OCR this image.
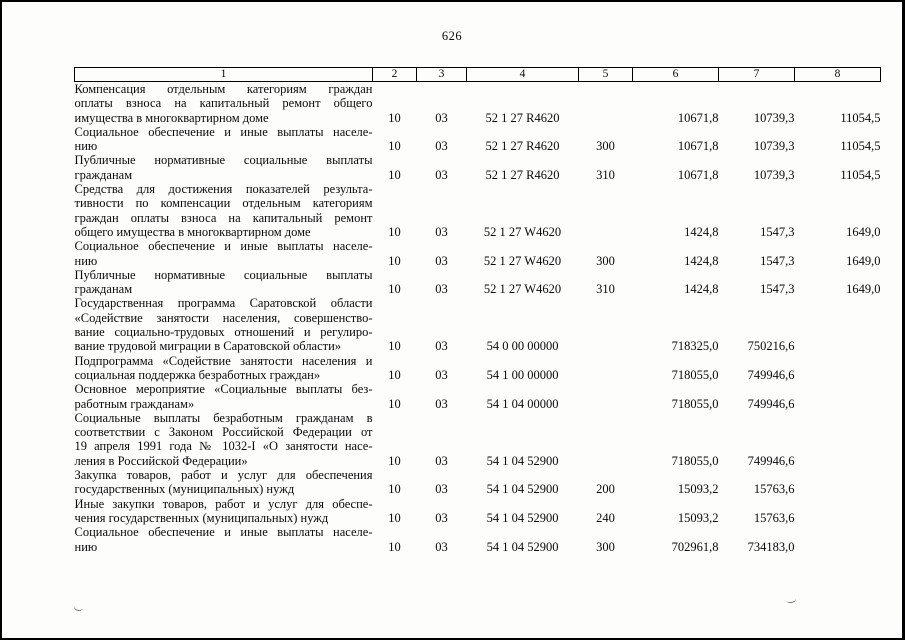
626
1	2	3	4	5	6	7	8

Компенсация отдельным категориям граждан
оплаты взноса на капитальный ремонт общего
имущества в многоквартирном доме	10	03	52 1 27 R4620		10671,8	10739,3	11054,5

Социальное обеспечение и иные выплаты населе-
нию	10	03	52 1 27 R4620	300	10671,8	10739,3	11054,5

Публичные нормативные социальные выплаты
гражданам	10	03	52 1 27 R4620	310	10671,8	10739,3	11054,5

Средства для достижения показателей результа-
тивности по компенсации отдельным категориям
граждан оплаты взноса на капитальный ремонт
общего имущества в многоквартирном доме	10	03	52 1 27 W4620		1424,8	1547,3	1649,0

Социальное обеспечение и иные выплаты населе-
нию	10	03	52 1 27 W4620	300	1424,8	1547,3	1649,0

Публичные нормативные социальные выплаты
гражданам	10	03	52 1 27 W4620	310	1424,8	1547,3	1649,0

Государственная программа Саратовской области
«Содействие занятости населения, совершенство-
вание социально-трудовых отношений и регулиро-
вание трудовой миграции в Саратовской области»	10	03	54 0 00 00000		718325,0	750216,6	

Подпрограмма «Содействие занятости населения и
социальная поддержка безработных граждан»	10	03	54 1 00 00000		718055,0	749946,6	

Основное мероприятие «Социальные выплаты без-
работным гражданам»	10	03	54 1 04 00000		718055,0	749946,6	

Социальные выплаты безработным гражданам в
соответствии с Законом Российской Федерации от
19 апреля 1991 года № 1032-I «О занятости насе-
ления в Российской Федерации»	10	03	54 1 04 52900		718055,0	749946,6	

Закупка товаров, работ и услуг для обеспечения
государственных (муниципальных) нужд	10	03	54 1 04 52900	200	15093,2	15763,6	

Иные закупки товаров, работ и услуг для обеспе-
чения государственных (муниципальных) нужд	10	03	54 1 04 52900	240	15093,2	15763,6	

Социальное обеспечение и иные выплаты населе-
нию	10	03	54 1 04 52900	300	702961,8	734183,0	
